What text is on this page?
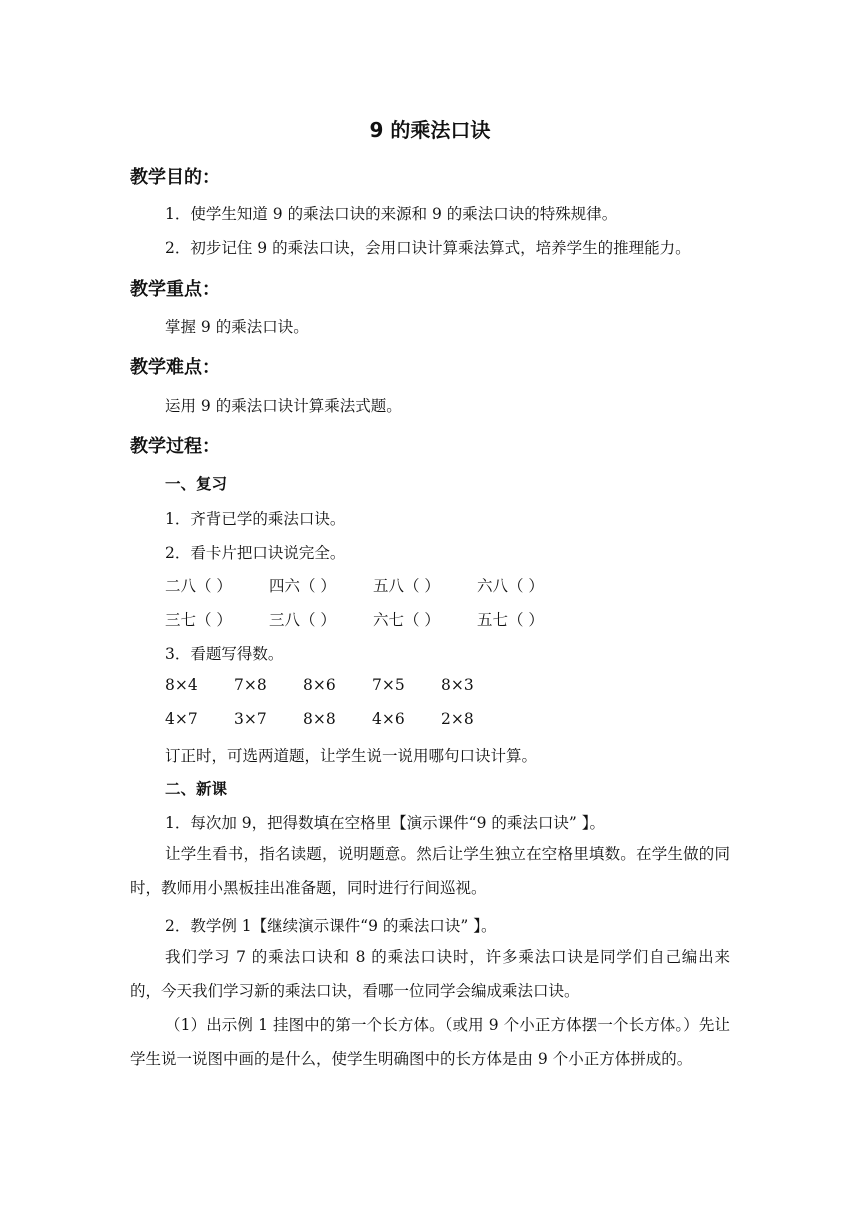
9 的乘法口诀
教学目的：
1．使学生知道 9 的乘法口诀的来源和 9 的乘法口诀的特殊规律。
2．初步记住 9 的乘法口诀，会用口诀计算乘法算式，培养学生的推理能力。
教学重点：
掌握 9 的乘法口诀。
教学难点：
运用 9 的乘法口诀计算乘法式题。
教学过程：
一、复习
1．齐背已学的乘法口诀。
2．看卡片把口诀说完全。
二八（ ） 四六（ ） 五八（ ） 六八（ ）
三七（ ） 三八（ ） 六七（ ） 五七（ ）
3．看题写得数。
8×4 7×8 8×6 7×5 8×3
4×7 3×7 8×8 4×6 2×8
订正时，可选两道题，让学生说一说用哪句口诀计算。
二、新课
1．每次加 9，把得数填在空格里【演示课件“9 的乘法口诀” 】。
让学生看书，指名读题，说明题意。然后让学生独立在空格里填数。在学生做的同时，教师用小黑板挂出准备题，同时进行行间巡视。
2．教学例 1【继续演示课件“9 的乘法口诀” 】。
我们学习 7 的乘法口诀和 8 的乘法口诀时，许多乘法口诀是同学们自己编出来的，今天我们学习新的乘法口诀，看哪一位同学会编成乘法口诀。
（1）出示例 1 挂图中的第一个长方体。（或用 9 个小正方体摆一个长方体。）先让学生说一说图中画的是什么，使学生明确图中的长方体是由 9 个小正方体拼成的。
